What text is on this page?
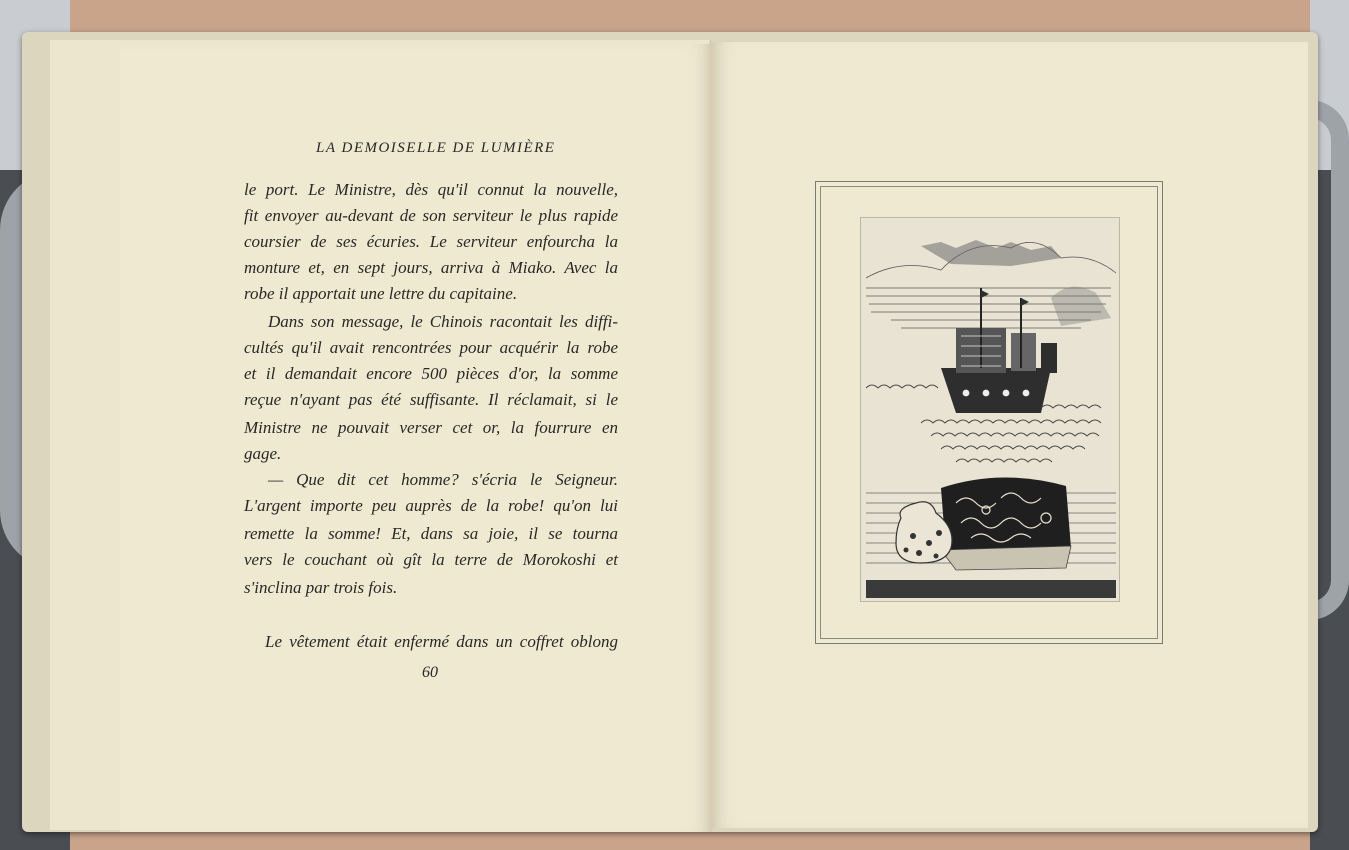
LA DEMOISELLE DE LUMIÈRE
le port. Le Ministre, dès qu'il connut la nouvelle,
fit envoyer au-devant de son serviteur le plus rapide
coursier de ses écuries. Le serviteur enfourcha la
monture et, en sept jours, arriva à Miako. Avec la
robe il apportait une lettre du capitaine.
Dans son message, le Chinois racontait les diffi-
cultés qu'il avait rencontrées pour acquérir la robe
et il demandait encore 500 pièces d'or, la somme
reçue n'ayant pas été suffisante. Il réclamait, si le
Ministre ne pouvait verser cet or, la fourrure en
gage.
— Que dit cet homme? s'écria le Seigneur.
L'argent importe peu auprès de la robe! qu'on lui
remette la somme! Et, dans sa joie, il se tourna
vers le couchant où gît la terre de Morokoshi et
s'inclina par trois fois.
Le vêtement était enfermé dans un coffret oblong
60
